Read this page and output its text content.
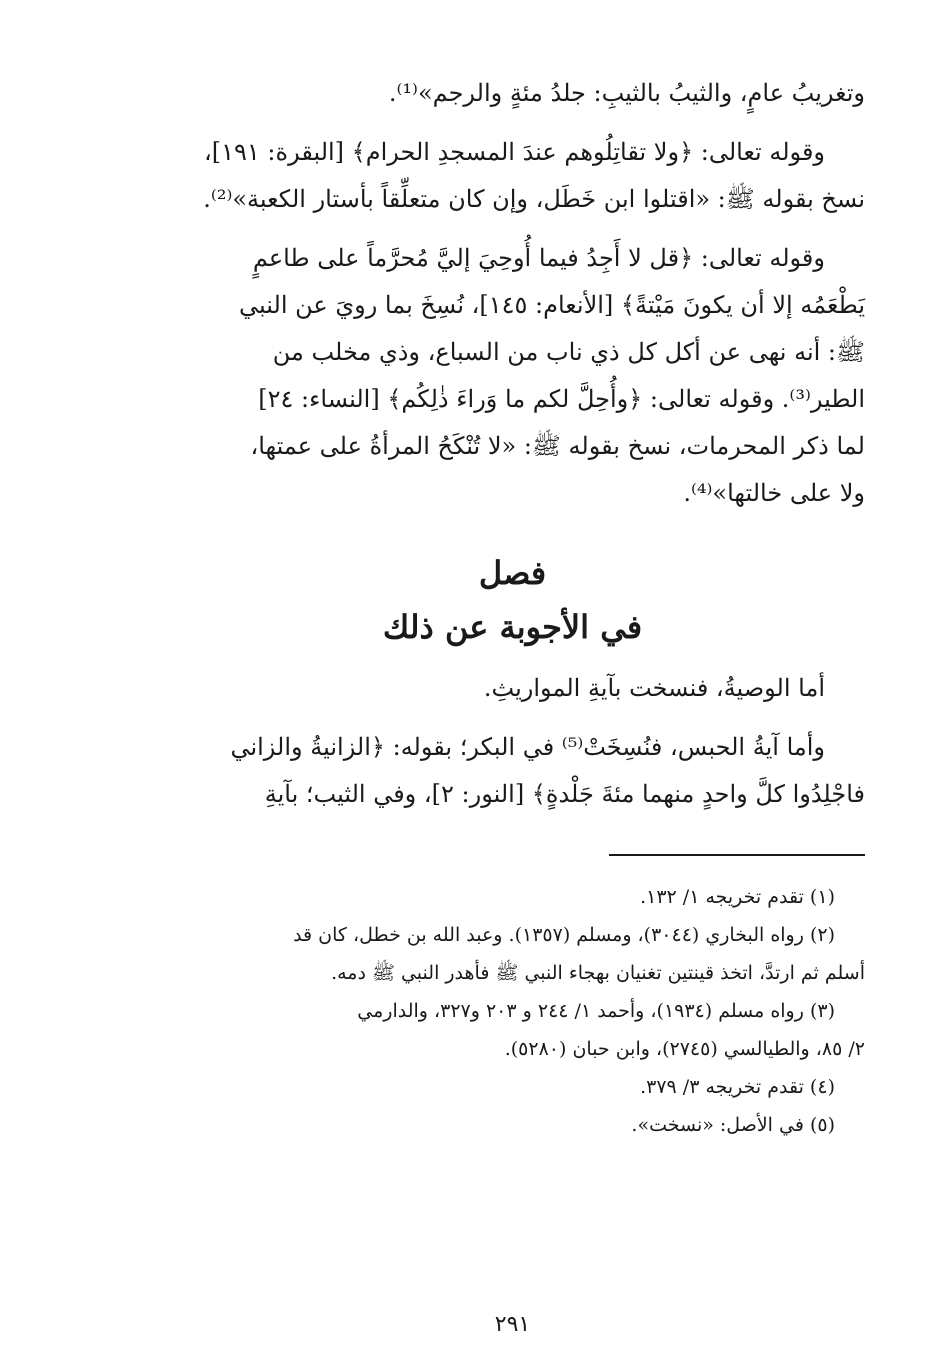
وتغريبُ عامٍ، والثيبُ بالثيبِ: جلدُ مئةٍ والرجم»⁽¹⁾.
وقوله تعالى: ﴿ولا تقاتِلُوهم عندَ المسجدِ الحرام﴾ [البقرة: ١٩١]،
نسخ بقوله ﷺ: «اقتلوا ابن خَطَل، وإن كان متعلِّقاً بأستار الكعبة»⁽²⁾.
وقوله تعالى: ﴿قل لا أَجِدُ فيما أُوحِيَ إليَّ مُحرَّماً على طاعمٍ
يَطْعَمُه إلا أن يكونَ مَيْتةً﴾ [الأنعام: ١٤٥]، نُسِخَ بما رويَ عن النبي
ﷺ: أنه نهى عن أكل كل ذي ناب من السباع، وذي مخلب من
الطير⁽³⁾. وقوله تعالى: ﴿وأُحِلَّ لكم ما وَراءَ ذٰلِكُم﴾ [النساء: ٢٤]
لما ذكر المحرمات، نسخ بقوله ﷺ: «لا تُنْكَحُ المرأةُ على عمتها،
ولا على خالتها»⁽⁴⁾.
فصل
في الأجوبة عن ذلك
أما الوصيةُ، فنسخت بآيةِ المواريثِ.
وأما آيةُ الحبس، فنُسِخَتْ⁽⁵⁾ في البكر؛ بقوله: ﴿الزانيةُ والزاني
فاجْلِدُوا كلَّ واحدٍ منهما مئةَ جَلْدةٍ﴾ [النور: ٢]، وفي الثيب؛ بآيةِ
(١) تقدم تخريجه ١/ ١٣٢.
(٢) رواه البخاري (٣٠٤٤)، ومسلم (١٣٥٧). وعبد الله بن خطل، كان قد
أسلم ثم ارتدَّ، اتخذ قينتين تغنيان بهجاء النبي ﷺ فأهدر النبي ﷺ دمه.
(٣) رواه مسلم (١٩٣٤)، وأحمد ١/ ٢٤٤ و ٢٠٣ و٣٢٧، والدارمي
٢/ ٨٥، والطيالسي (٢٧٤٥)، وابن حبان (٥٢٨٠).
(٤) تقدم تخريجه ٣/ ٣٧٩.
(٥) في الأصل: «نسخت».
٢٩١
